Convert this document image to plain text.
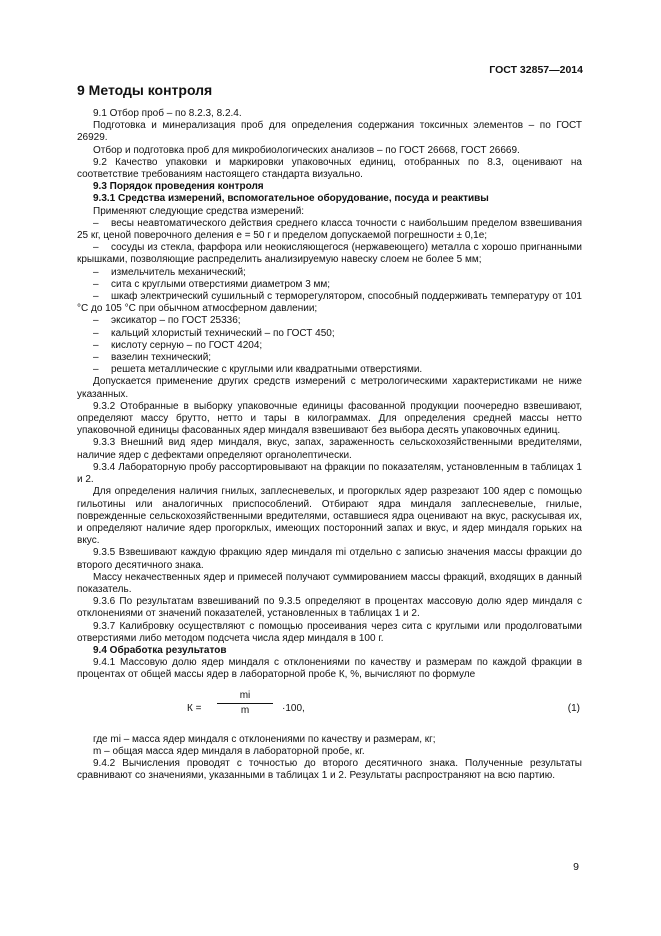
ГОСТ 32857—2014
9 Методы контроля

9.1 Отбор проб – по 8.2.3, 8.2.4.

Подготовка и минерализация проб для определения содержания токсичных элементов – по ГОСТ 26929.

Отбор и подготовка проб для микробиологических анализов – по ГОСТ 26668, ГОСТ 26669.

9.2 Качество упаковки и маркировки упаковочных единиц, отобранных по 8.3, оценивают на соответствие требованиям настоящего стандарта визуально.

9.3 Порядок проведения контроля

9.3.1 Средства измерений, вспомогательное оборудование, посуда и реактивы

Применяют следующие средства измерений:

– весы неавтоматического действия среднего класса точности с наибольшим пределом взвешивания 25 кг, ценой поверочного деления e = 50 г и пределом допускаемой погрешности ± 0,1e;

– сосуды из стекла, фарфора или неокисляющегося (нержавеющего) металла с хорошо пригнанными крышками, позволяющие распределить анализируемую навеску слоем не более 5 мм;

– измельчитель механический;

– сита с круглыми отверстиями диаметром 3 мм;

– шкаф электрический сушильный с терморегулятором, способный поддерживать температуру от 101 °С до 105 °С при обычном атмосферном давлении;

– эксикатор – по ГОСТ 25336;

– кальций хлористый технический – по ГОСТ 450;

– кислоту серную – по ГОСТ 4204;

– вазелин технический;

– решета металлические с круглыми или квадратными отверстиями.

Допускается применение других средств измерений с метрологическими характеристиками не ниже указанных.

9.3.2 Отобранные в выборку упаковочные единицы фасованной продукции поочередно взвешивают, определяют массу брутто, нетто и тары в килограммах. Для определения средней массы нетто упаковочной единицы фасованных ядер миндаля взвешивают без выбора десять упаковочных единиц.

9.3.3 Внешний вид ядер миндаля, вкус, запах, зараженность сельскохозяйственными вредителями, наличие ядер с дефектами определяют органолептически.

9.3.4 Лабораторную пробу рассортировывают на фракции по показателям, установленным в таблицах 1 и 2.

Для определения наличия гнилых, заплесневелых, и прогорклых ядер разрезают 100 ядер с помощью гильотины или аналогичных приспособлений. Отбирают ядра миндаля заплесневелые, гнилые, поврежденные сельскохозяйственными вредителями, оставшиеся ядра оценивают на вкус, раскусывая их, и определяют наличие ядер прогорклых, имеющих посторонний запах и вкус, и ядер миндаля горьких на вкус.

9.3.5 Взвешивают каждую фракцию ядер миндаля mi отдельно с записью значения массы фракции до второго десятичного знака.

Массу некачественных ядер и примесей получают суммированием массы фракций, входящих в данный показатель.

9.3.6 По результатам взвешиваний по 9.3.5 определяют в процентах массовую долю ядер миндаля с отклонениями от значений показателей, установленных в таблицах 1 и 2.

9.3.7 Калибровку осуществляют с помощью просеивания через сита с круглыми или продолговатыми отверстиями либо методом подсчета числа ядер миндаля в 100 г.

9.4 Обработка результатов

9.4.1 Массовую долю ядер миндаля с отклонениями по качеству и размерам по каждой фракции в процентах от общей массы ядер в лабораторной пробе К, %, вычисляют по формуле

К =
mi
m	·100,	(1)

где mi – масса ядер миндаля с отклонениями по качеству и размерам, кг;

m – общая масса ядер миндаля в лабораторной пробе, кг.

9.4.2 Вычисления проводят с точностью до второго десятичного знака. Полученные результаты сравнивают со значениями, указанными в таблицах 1 и 2. Результаты распространяют на всю партию.

9
